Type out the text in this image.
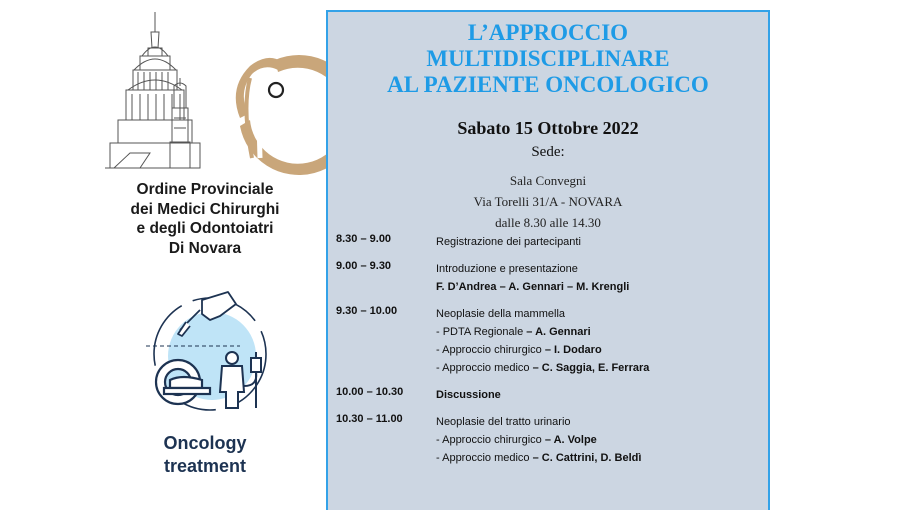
Ordine Provinciale
dei Medici Chirurghi
e degli Odontoiatri
Di Novara
Oncology
treatment
L’APPROCCIO
MULTIDISCIPLINARE
AL PAZIENTE ONCOLOGICO
Sabato 15 Ottobre 2022
Sede:
Sala Convegni
Via Torelli 31/A - NOVARA
dalle 8.30 alle 14.30
8.30 – 9.00	Registrazione dei partecipanti
9.00 – 9.30	Introduzione e presentazione
F. D’Andrea – A. Gennari – M. Krengli
9.30 – 10.00	Neoplasie della mammella
- PDTA Regionale – A. Gennari
- Approccio chirurgico – I. Dodaro
- Approccio medico – C. Saggia, E. Ferrara
10.00 – 10.30	Discussione
10.30 – 11.00	Neoplasie del tratto urinario
- Approccio chirurgico – A. Volpe
- Approccio medico – C. Cattrini, D. Beldì
